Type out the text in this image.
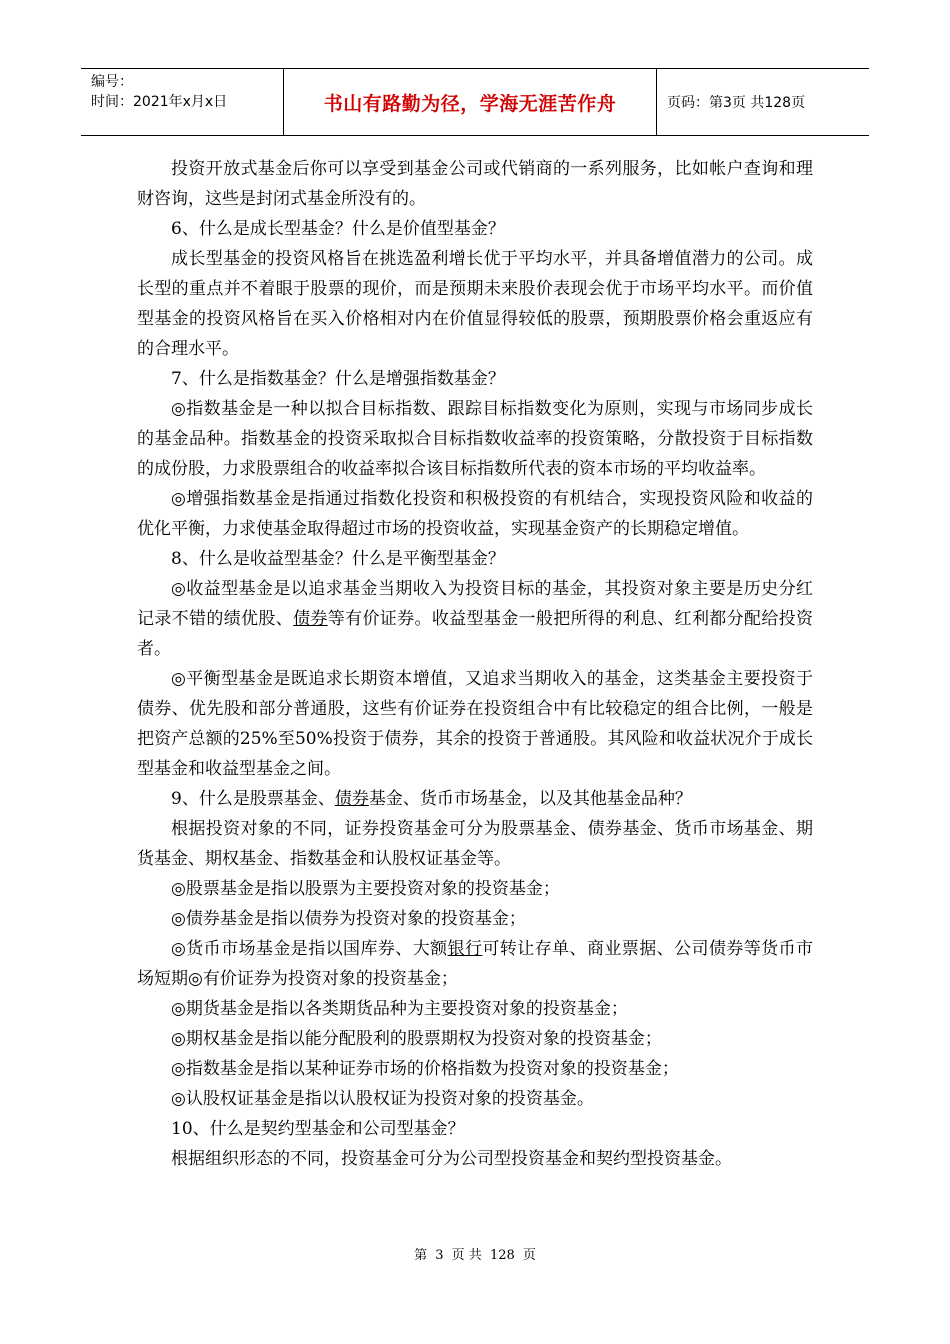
编号：
时间：2021年x月x日	书山有路勤为径，学海无涯苦作舟	页码：第3页 共128页

投资开放式基金后你可以享受到基金公司或代销商的一系列服务，比如帐户查询和理财咨询，这些是封闭式基金所没有的。

6、什么是成长型基金？什么是价值型基金？

成长型基金的投资风格旨在挑选盈利增长优于平均水平，并具备增值潜力的公司。成长型的重点并不着眼于股票的现价，而是预期未来股价表现会优于市场平均水平。而价值型基金的投资风格旨在买入价格相对内在价值显得较低的股票，预期股票价格会重返应有的合理水平。

7、什么是指数基金？什么是增强指数基金？

◎指数基金是一种以拟合目标指数、跟踪目标指数变化为原则，实现与市场同步成长的基金品种。指数基金的投资采取拟合目标指数收益率的投资策略，分散投资于目标指数的成份股，力求股票组合的收益率拟合该目标指数所代表的资本市场的平均收益率。

◎增强指数基金是指通过指数化投资和积极投资的有机结合，实现投资风险和收益的优化平衡，力求使基金取得超过市场的投资收益，实现基金资产的长期稳定增值。

8、什么是收益型基金？什么是平衡型基金？

◎收益型基金是以追求基金当期收入为投资目标的基金，其投资对象主要是历史分红记录不错的绩优股、债券等有价证券。收益型基金一般把所得的利息、红利都分配给投资者。

◎平衡型基金是既追求长期资本增值，又追求当期收入的基金，这类基金主要投资于债券、优先股和部分普通股，这些有价证券在投资组合中有比较稳定的组合比例，一般是把资产总额的25%至50%投资于债券，其余的投资于普通股。其风险和收益状况介于成长型基金和收益型基金之间。

9、什么是股票基金、债券基金、货币市场基金，以及其他基金品种？

根据投资对象的不同，证券投资基金可分为股票基金、债券基金、货币市场基金、期货基金、期权基金、指数基金和认股权证基金等。

◎股票基金是指以股票为主要投资对象的投资基金；

◎债券基金是指以债券为投资对象的投资基金；

◎货币市场基金是指以国库券、大额银行可转让存单、商业票据、公司债券等货币市场短期◎有价证券为投资对象的投资基金；

◎期货基金是指以各类期货品种为主要投资对象的投资基金；

◎期权基金是指以能分配股利的股票期权为投资对象的投资基金；

◎指数基金是指以某种证券市场的价格指数为投资对象的投资基金；

◎认股权证基金是指以认股权证为投资对象的投资基金。

10、什么是契约型基金和公司型基金？

根据组织形态的不同，投资基金可分为公司型投资基金和契约型投资基金。

第 3 页 共 128 页
